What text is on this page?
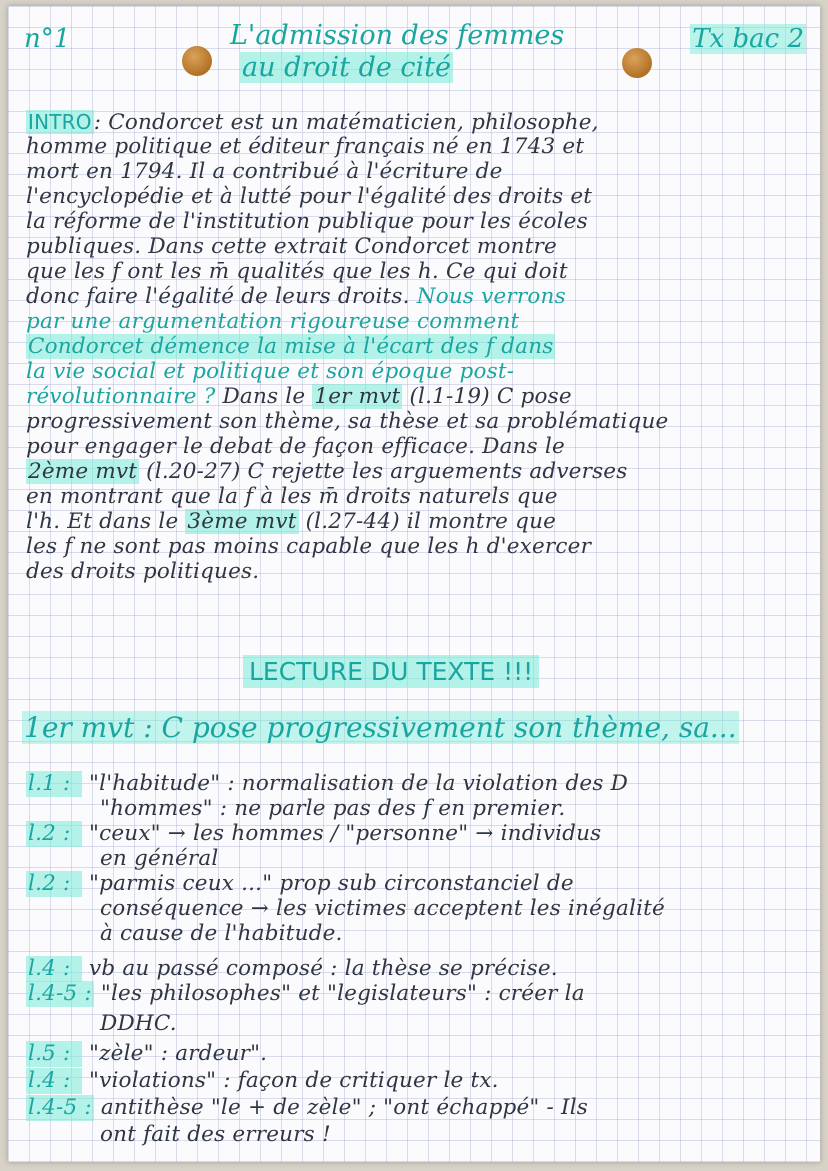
n°1	L'admission des femmes
au droit de cité
Tx bac 2
INTRO: Condorcet est un matématicien, philosophe,
homme politique et éditeur français né en 1743 et
mort en 1794. Il a contribué à l'écriture de
l'encyclopédie et à lutté pour l'égalité des droits et
la réforme de l'institution publique pour les écoles
publiques. Dans cette extrait Condorcet montre
que les f ont les m̄ qualités que les h. Ce qui doit
donc faire l'égalité de leurs droits. Nous verrons
par une argumentation rigoureuse comment
Condorcet démence la mise à l'écart des f dans
la vie social et politique et son époque post-
révolutionnaire ? Dans le 1er mvt (l.1-19) C pose
progressivement son thème, sa thèse et sa problématique
pour engager le debat de façon efficace. Dans le
2ème mvt (l.20-27) C rejette les arguements adverses
en montrant que la f à les m̄ droits naturels que
l'h. Et dans le 3ème mvt (l.27-44) il montre que
les f ne sont pas moins capable que les h d'exercer
des droits politiques.
LECTURE DU TEXTE !!!
1er mvt : C pose progressivement son thème, sa...
l.1 : "l'habitude" : normalisation de la violation des D
"hommes" : ne parle pas des f en premier.
l.2 : "ceux" → les hommes / "personne" → individus
en général
l.2 : "parmis ceux ..." prop sub circonstanciel de
conséquence → les victimes acceptent les inégalité
à cause de l'habitude.
l.4 : vb au passé composé : la thèse se précise.
l.4-5 : "les philosophes" et "legislateurs" : créer la
DDHC.
l.5 : "zèle" : ardeur".
l.4 : "violations" : façon de critiquer le tx.
l.4-5 : antithèse "le + de zèle" ; "ont échappé" - Ils
ont fait des erreurs !
